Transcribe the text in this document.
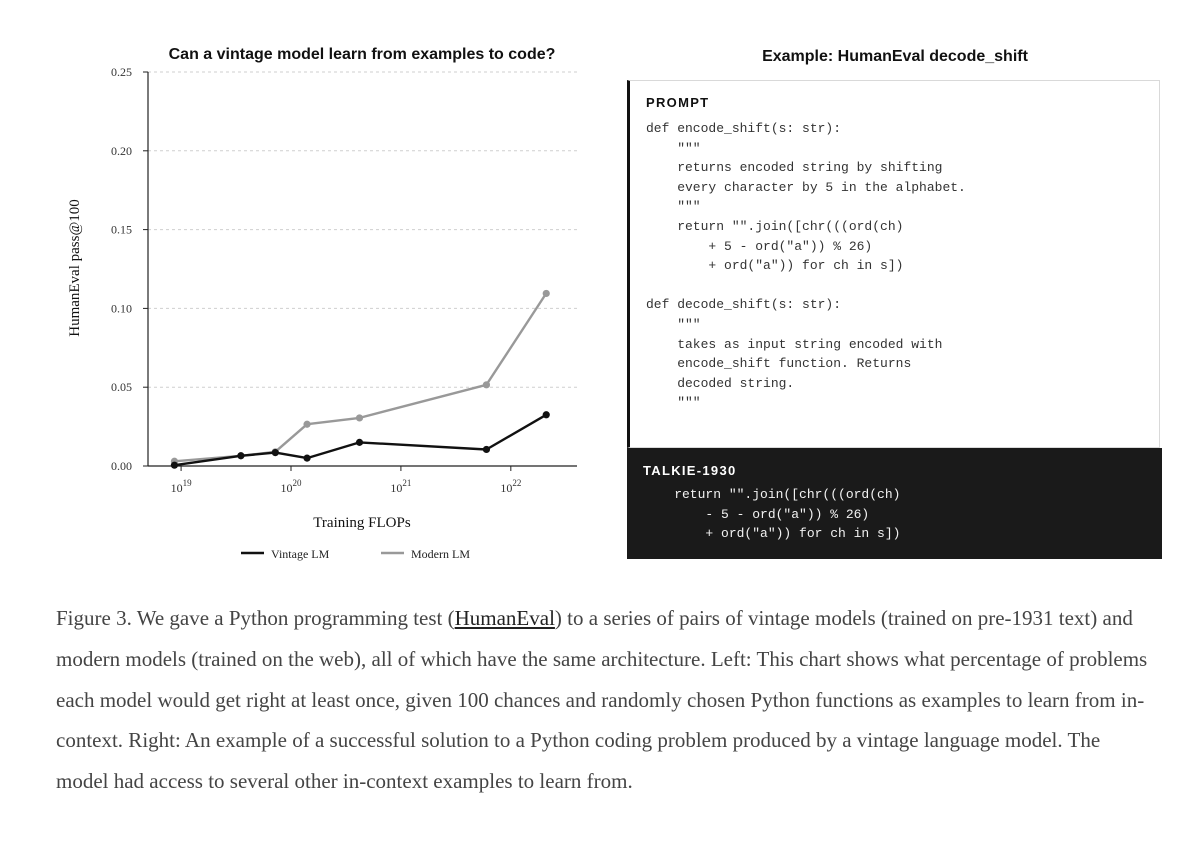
Can a vintage model learn from examples to code?
0.00
0.05
0.10
0.15
0.20
0.25
$10^{19}$	$10^{20}$	$10^{21}$	$10^{22}$
HumanEval pass@100
Training FLOPs
Vintage LM	Modern LM
Example: HumanEval decode_shift

PROMPT

def encode_shift(s: str):
"""
returns encoded string by shifting
every character by 5 in the alphabet.
"""
return "".join([chr(((ord(ch)
+ 5 - ord("a")) % 26)
+ ord("a")) for ch in s])

def decode_shift(s: str):
"""
takes as input string encoded with
encode_shift function. Returns
decoded string.
"""

TALKIE-1930

return "".join([chr(((ord(ch)
- 5 - ord("a")) % 26)
+ ord("a")) for ch in s])

Figure 3. We gave a Python programming test (HumanEval) to a series of pairs of vintage models (trained on pre-1931 text) and modern models (trained on the web), all of which have the same architecture. Left: This chart shows what percentage of problems each model would get right at least once, given 100 chances and randomly chosen Python functions as examples to learn from in-context. Right: An example of a successful solution to a Python coding problem produced by a vintage language model. The model had access to several other in-context examples to learn from.
